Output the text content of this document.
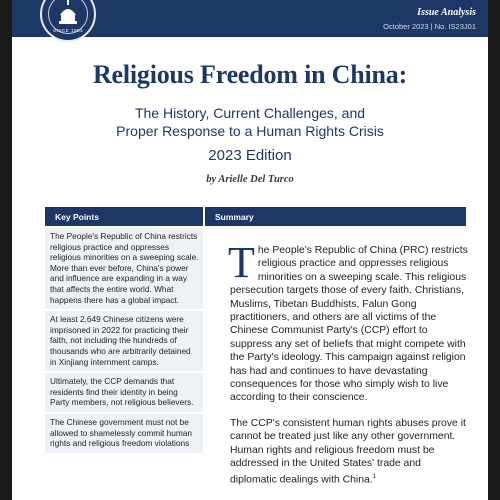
Issue Analysis
October 2023 | No. IS23J01
SINCE 1983
Religious Freedom in China:
The History, Current Challenges, and
Proper Response to a Human Rights Crisis
2023 Edition
by Arielle Del Turco
Key Points	Summary
The People's Republic of China restricts religious practice and oppresses religious minorities on a sweeping scale. More than ever before, China's power and influence are expanding in a way that affects the entire world. What happens there has a global impact.
At least 2,649 Chinese citizens were imprisoned in 2022 for practicing their faith, not including the hundreds of thousands who are arbitrarily detained in Xinjiang internment camps.
Ultimately, the CCP demands that residents find their identity in being Party members, not religious believers.
The Chinese government must not be allowed to shamelessly commit human rights and religious freedom violations

The People's Republic of China (PRC) restricts religious practice and oppresses religious minorities on a sweeping scale. This religious persecution targets those of every faith. Christians, Muslims, Tibetan Buddhists, Falun Gong practitioners, and others are all victims of the Chinese Communist Party's (CCP) effort to suppress any set of beliefs that might compete with the Party's ideology. This campaign against religion has had and continues to have devastating consequences for those who simply wish to live according to their conscience.

The CCP's consistent human rights abuses prove it cannot be treated just like any other government. Human rights and religious freedom must be addressed in the United States' trade and diplomatic dealings with China.$^1$
